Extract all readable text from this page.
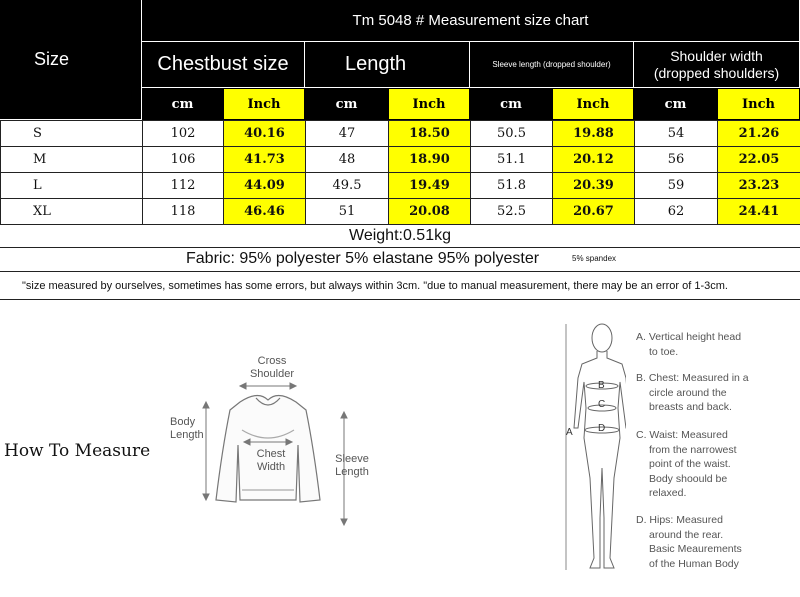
Size
Tm 5048 # Measurement size chart
Chestbust size	Length	Sleeve length (dropped shoulder)
Shoulder width
(dropped shoulders)
cm	Inch	cm	Inch	cm	Inch	cm	Inch
S	102	40.16	47	18.50	50.5	19.88	54	21.26
M	106	41.73	48	18.90	51.1	20.12	56	22.05
L	112	44.09	49.5	19.49	51.8	20.39	59	23.23
XL	118	46.46	51	20.08	52.5	20.67	62	24.41
Weight:0.51kg
Fabric: 95% polyester 5% elastane 95% polyester	5% spandex
"size measured by ourselves, sometimes has some errors, but always within 3cm. "due to manual measurement, there may be an error of 1-3cm.
How To Measure
Cross
Shoulder
Body
Length
Chest
Width
Sleeve
Length
A
B
C
D
A. Vertical height head
to toe.
B. Chest: Measured in a
circle around the
breasts and back.
C. Waist: Measured
from the narrowest
point of the waist.
Body shoould be
relaxed.
D. Hips: Measured
around the rear.
Basic Meaurements
of the Human Body
